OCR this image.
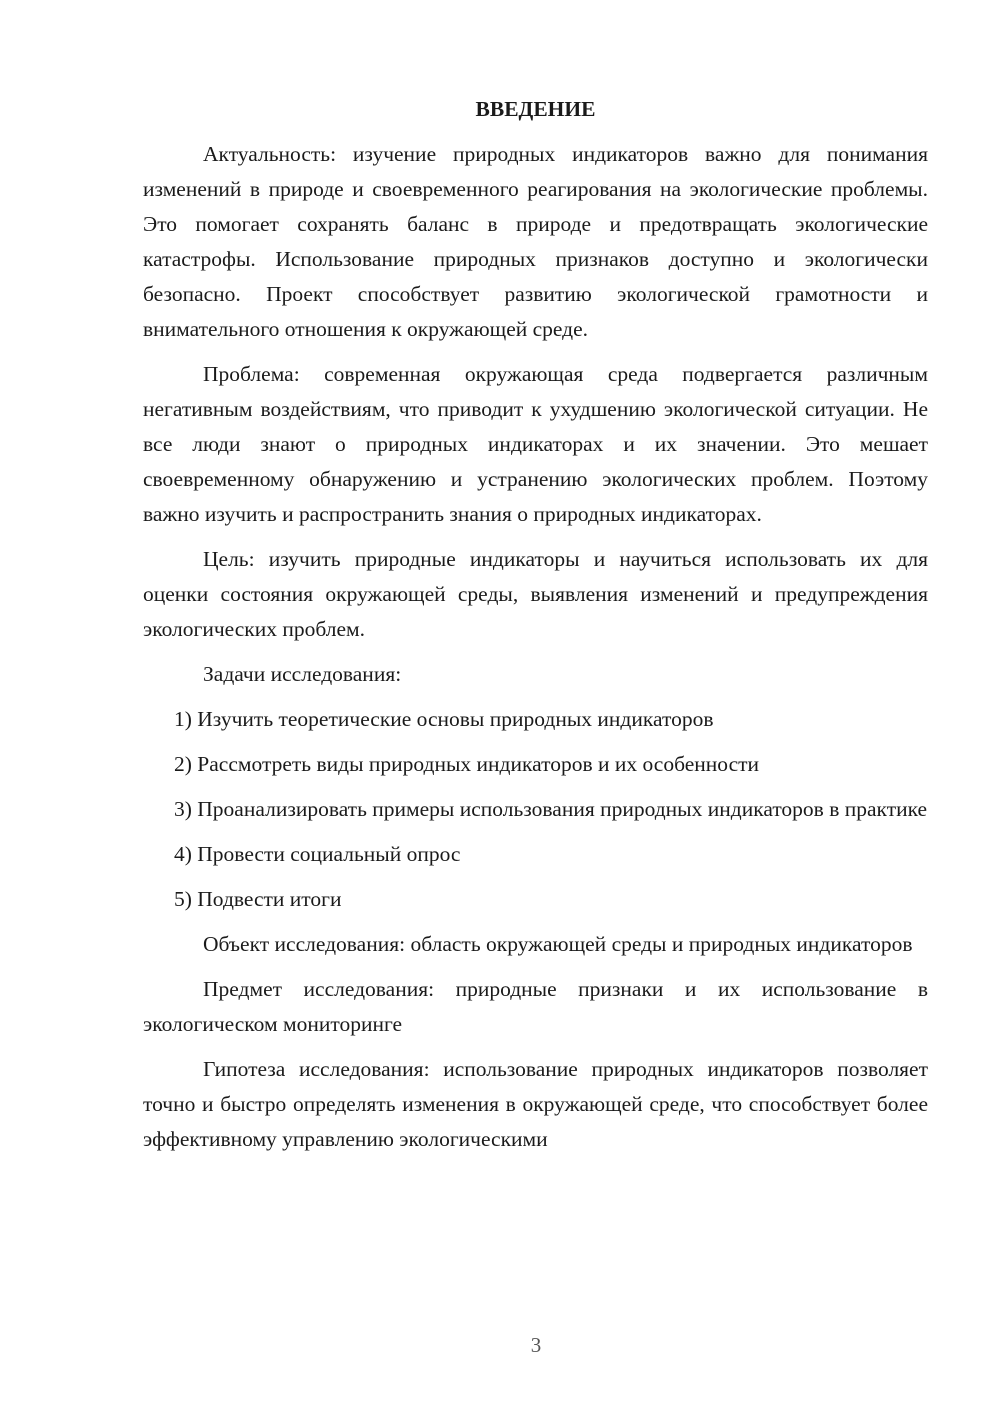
ВВЕДЕНИЕ

Актуальность: изучение природных индикаторов важно для понимания изменений в природе и своевременного реагирования на экологические проблемы. Это помогает сохранять баланс в природе и предотвращать экологические катастрофы. Использование природных признаков доступно и экологически безопасно. Проект способствует развитию экологической грамотности и внимательного отношения к окружающей среде.

Проблема: современная окружающая среда подвергается различным негативным воздействиям, что приводит к ухудшению экологической ситуации. Не все люди знают о природных индикаторах и их значении. Это мешает своевременному обнаружению и устранению экологических проблем. Поэтому важно изучить и распространить знания о природных индикаторах.

Цель: изучить природные индикаторы и научиться использовать их для оценки состояния окружающей среды, выявления изменений и предупреждения экологических проблем.

Задачи исследования:

1) Изучить теоретические основы природных индикаторов

2) Рассмотреть виды природных индикаторов и их особенности

3) Проанализировать примеры использования природных индикаторов в практике

4) Провести социальный опрос

5) Подвести итоги

Объект исследования: область окружающей среды и природных индикаторов

Предмет исследования: природные признаки и их использование в экологическом мониторинге

Гипотеза исследования: использование природных индикаторов позволяет точно и быстро определять изменения в окружающей среде, что способствует более эффективному управлению экологическими

3
